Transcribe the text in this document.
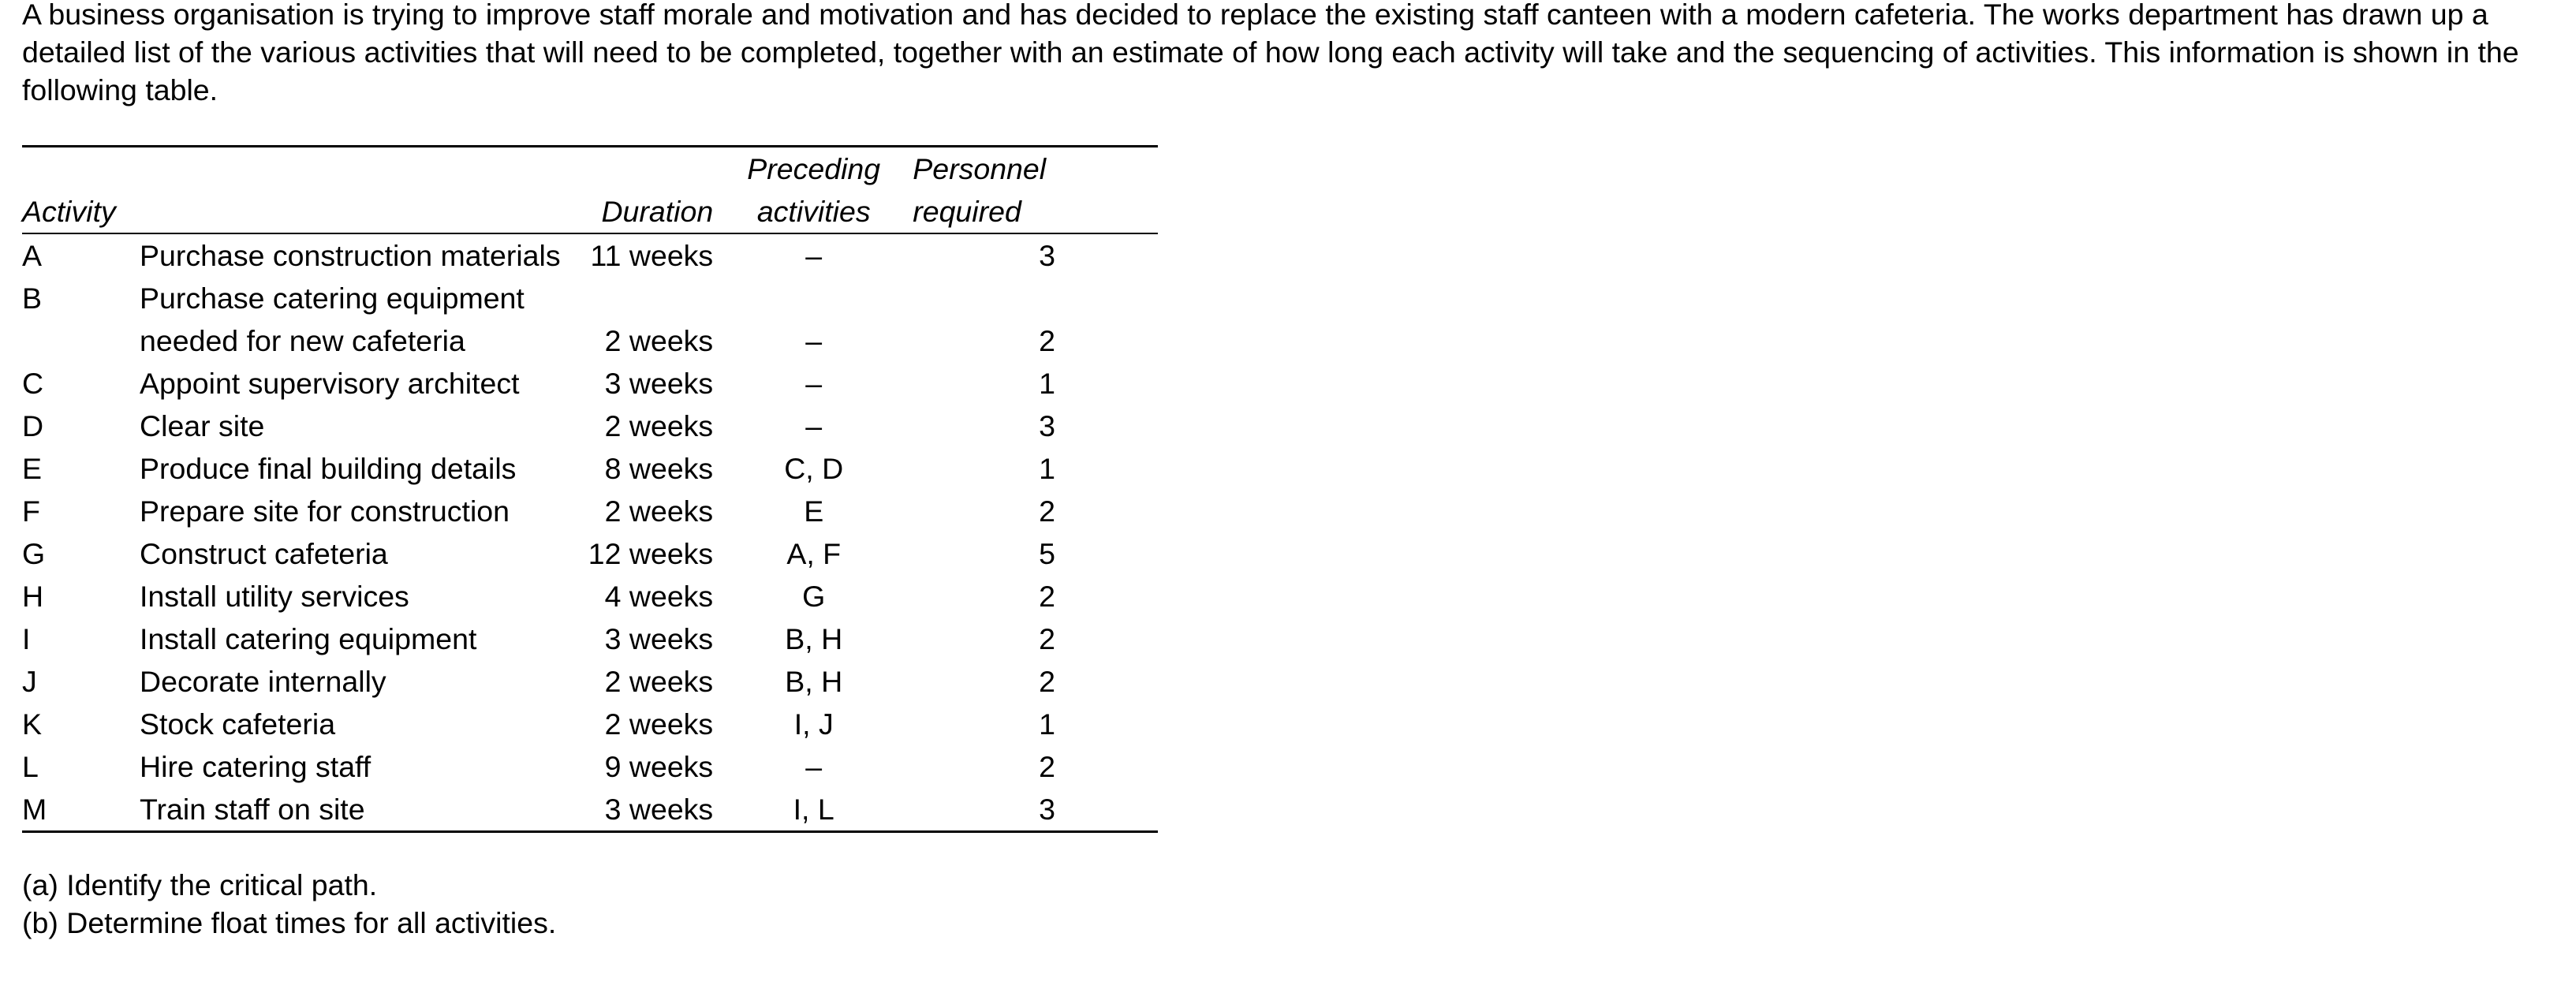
A business organisation is trying to improve staff morale and motivation and has decided to replace the existing staff canteen with a modern cafeteria. The works department has drawn up a detailed list of the various activities that will need to be completed, together with an estimate of how long each activity will take and the sequencing of activities. This information is shown in the following table.

			Preceding	Personnel
Activity		Duration	activities	required
A	Purchase construction materials	11 weeks	–	3
B	Purchase catering equipment			
	needed for new cafeteria	2 weeks	–	2
C	Appoint supervisory architect	3 weeks	–	1
D	Clear site	2 weeks	–	3
E	Produce final building details	8 weeks	C, D	1
F	Prepare site for construction	2 weeks	E	2
G	Construct cafeteria	12 weeks	A, F	5
H	Install utility services	4 weeks	G	2
I	Install catering equipment	3 weeks	B, H	2
J	Decorate internally	2 weeks	B, H	2
K	Stock cafeteria	2 weeks	I, J	1
L	Hire catering staff	9 weeks	–	2
M	Train staff on site	3 weeks	I, L	3
(a) Identify the critical path.
(b) Determine float times for all activities.
